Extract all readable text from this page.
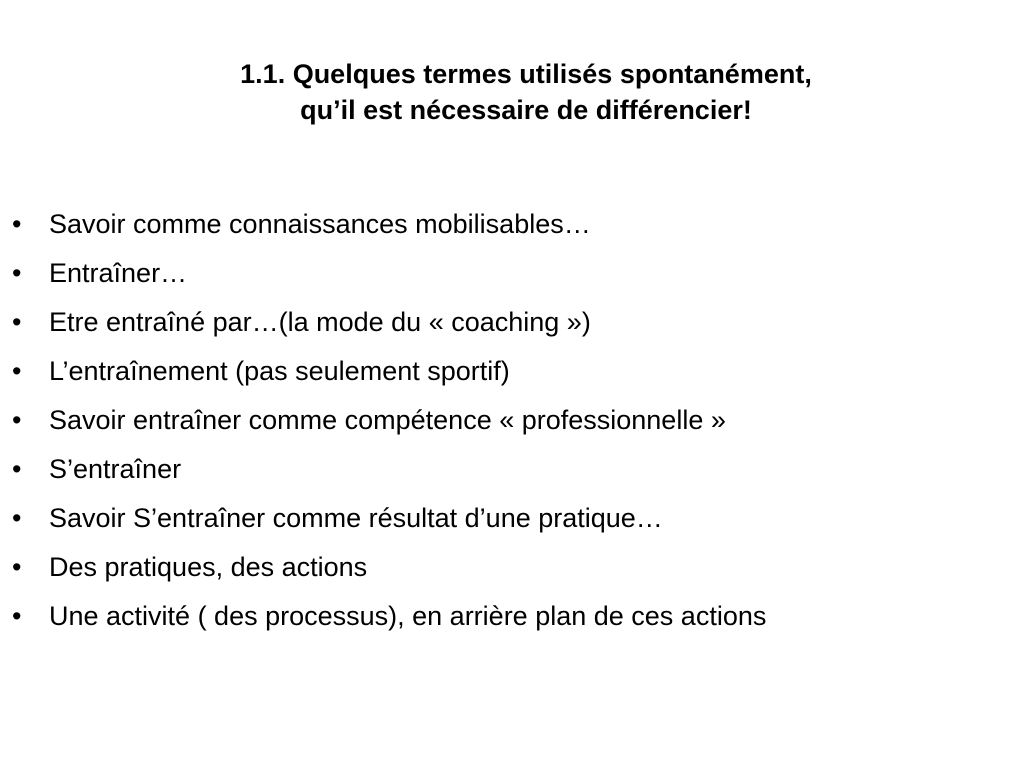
1.1. Quelques termes utilisés spontanément,
qu’il est nécessaire de différencier!
• Savoir comme connaissances mobilisables…
• Entraîner…
• Etre entraîné par…(la mode du « coaching »)
• L’entraînement (pas seulement sportif)
• Savoir entraîner comme compétence « professionnelle »
• S’entraîner
• Savoir S’entraîner comme résultat d’une pratique…
• Des pratiques, des actions
• Une activité ( des processus), en arrière plan de ces actions
